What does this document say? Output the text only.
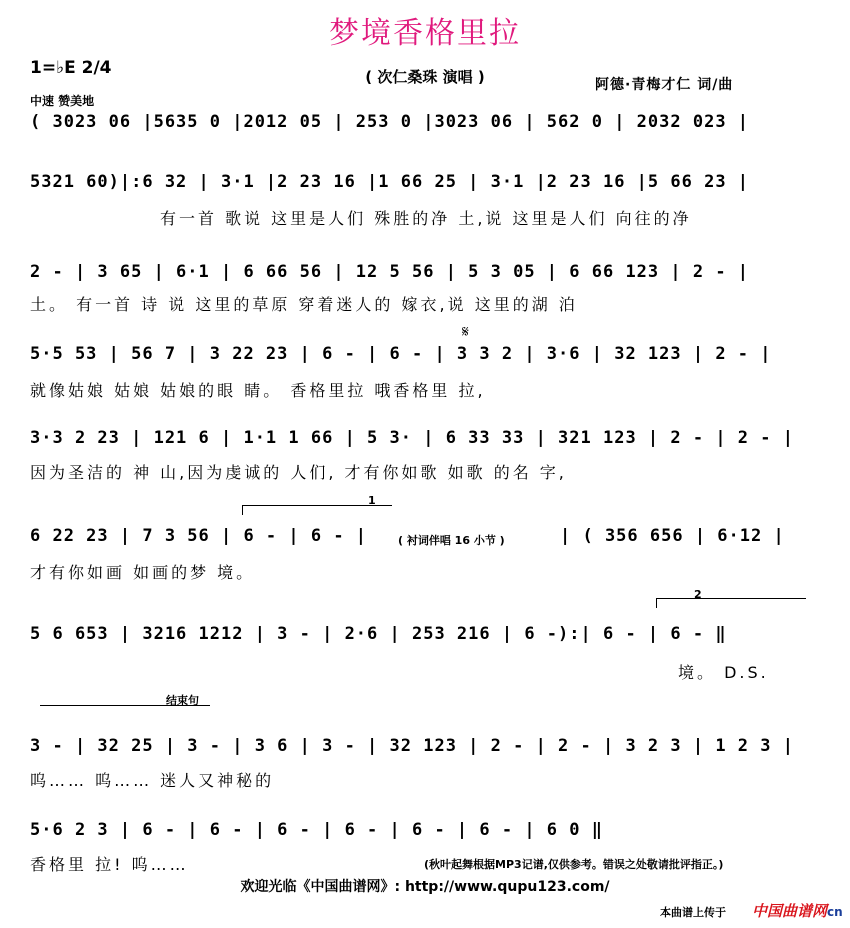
梦境香格里拉
( 次仁桑珠 演唱 )
1=♭E 2/4
中速 赞美地
阿德·青梅才仁 词/曲
( 3023 06 |5635 0 |2012 05 | 253 0 |3023 06 | 562 0 | 2032 023 |
5321 60)|:6 32 | 3·1 |2 23 16 |1 66 25 | 3·1 |2 23 16 |5 66 23 |
有一首 歌说 这里是人们 殊胜的净 土,说 这里是人们 向往的净
2 - | 3 65 | 6·1 | 6 66 56 | 12 5 56 | 5 3 05 | 6 66 123 | 2 - |
土。 有一首 诗 说 这里的草原 穿着迷人的 嫁衣,说 这里的湖 泊
𝄋
5·5 53 | 56 7 | 3 22 23 | 6 - | 6 - | 3 3 2 | 3·6 | 32 123 | 2 - |
就像姑娘 姑娘 姑娘的眼 睛。 香格里拉 哦香格里 拉,
3·3 2 23 | 121 6 | 1·1 1 66 | 5 3· | 6 33 33 | 321 123 | 2 - | 2 - |
因为圣洁的 神 山,因为虔诚的 人们, 才有你如歌 如歌 的名 字,
1
6 22 23 | 7 3 56 | 6 - | 6 - |	( 衬词伴唱 16 小节 )	| ( 356 656 | 6·12 |
才有你如画 如画的梦 境。
2
5 6 653 | 3216 1212 | 3 - | 2·6 | 253 216 | 6 -):| 6 - | 6 - ‖
境。 D.S.
结束句
3 - | 32 25 | 3 - | 3 6 | 3 - | 32 123 | 2 - | 2 - | 3 2 3 | 1 2 3 |
呜…… 呜…… 迷人又神秘的
5·6 2 3 | 6 - | 6 - | 6 - | 6 - | 6 - | 6 - | 6 0 ‖
香格里 拉! 呜……	(秋叶起舞根据MP3记谱,仅供参考。错误之处敬请批评指正。)
欢迎光临《中国曲谱网》: http://www.qupu123.com/
本曲谱上传于 中国曲谱网cn
